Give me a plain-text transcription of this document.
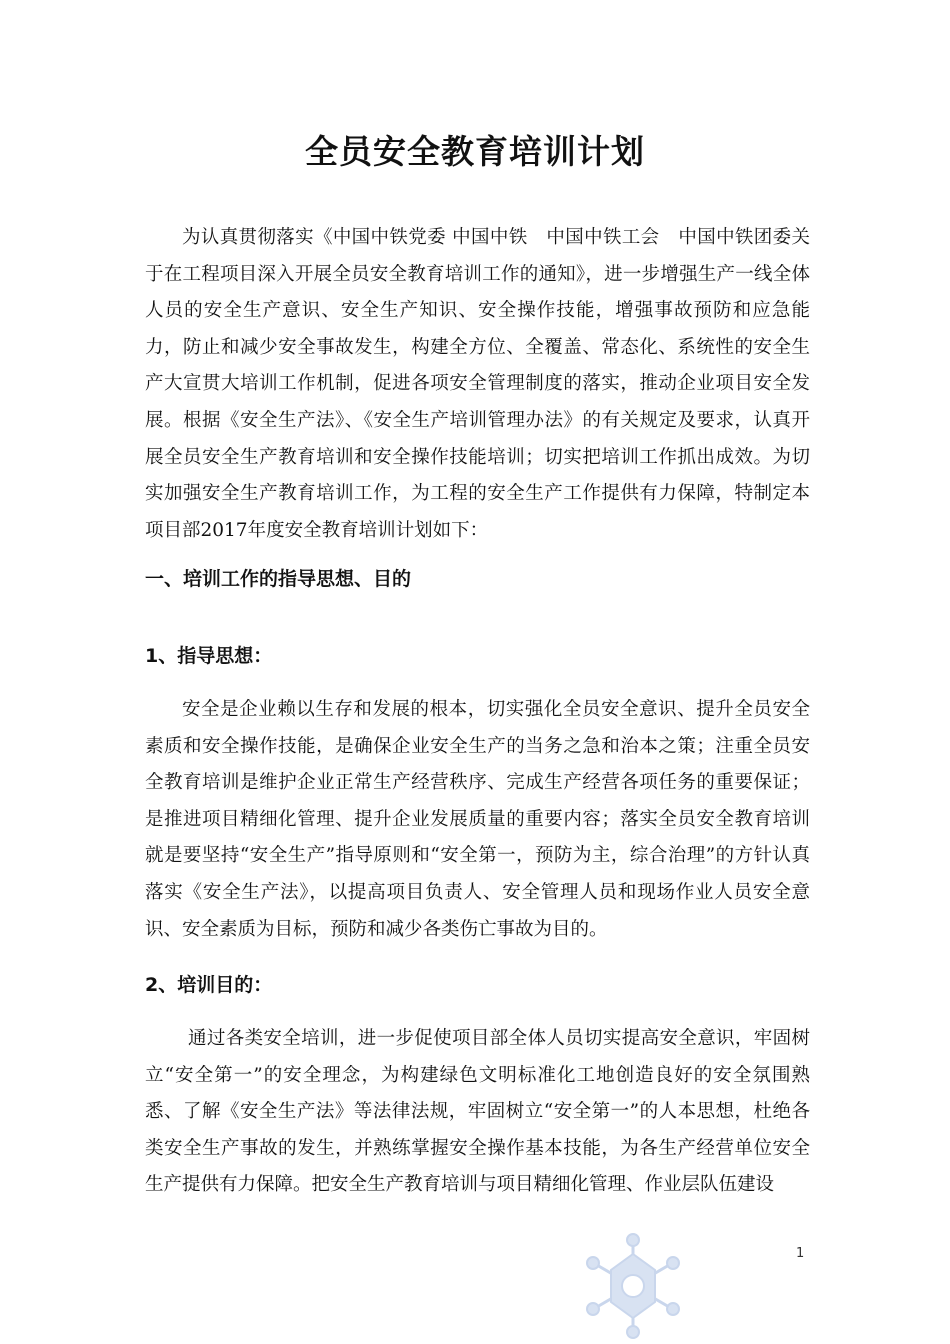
全员安全教育培训计划

为认真贯彻落实《中国中铁党委 中国中铁　中国中铁工会　中国中铁团委关于在工程项目深入开展全员安全教育培训工作的通知》，进一步增强生产一线全体人员的安全生产意识、安全生产知识、安全操作技能，增强事故预防和应急能力，防止和减少安全事故发生，构建全方位、全覆盖、常态化、系统性的安全生产大宣贯大培训工作机制，促进各项安全管理制度的落实，推动企业项目安全发展。根据《安全生产法》、《安全生产培训管理办法》的有关规定及要求，认真开展全员安全生产教育培训和安全操作技能培训；切实把培训工作抓出成效。为切实加强安全生产教育培训工作，为工程的安全生产工作提供有力保障，特制定本项目部2017年度安全教育培训计划如下：

一、培训工作的指导思想、目的
1、指导思想：

安全是企业赖以生存和发展的根本，切实强化全员安全意识、提升全员安全素质和安全操作技能，是确保企业安全生产的当务之急和治本之策；注重全员安全教育培训是维护企业正常生产经营秩序、完成生产经营各项任务的重要保证；是推进项目精细化管理、提升企业发展质量的重要内容；落实全员安全教育培训就是要坚持“安全生产”指导原则和“安全第一，预防为主，综合治理”的方针认真落实《安全生产法》，以提高项目负责人、安全管理人员和现场作业人员安全意识、安全素质为目标，预防和减少各类伤亡事故为目的。

2、培训目的：

通过各类安全培训，进一步促使项目部全体人员切实提高安全意识，牢固树立“安全第一”的安全理念，为构建绿色文明标准化工地创造良好的安全氛围熟悉、了解《安全生产法》等法律法规，牢固树立“安全第一”的人本思想，杜绝各类安全生产事故的发生，并熟练掌握安全操作基本技能，为各生产经营单位安全生产提供有力保障。把安全生产教育培训与项目精细化管理、作业层队伍建设

1
